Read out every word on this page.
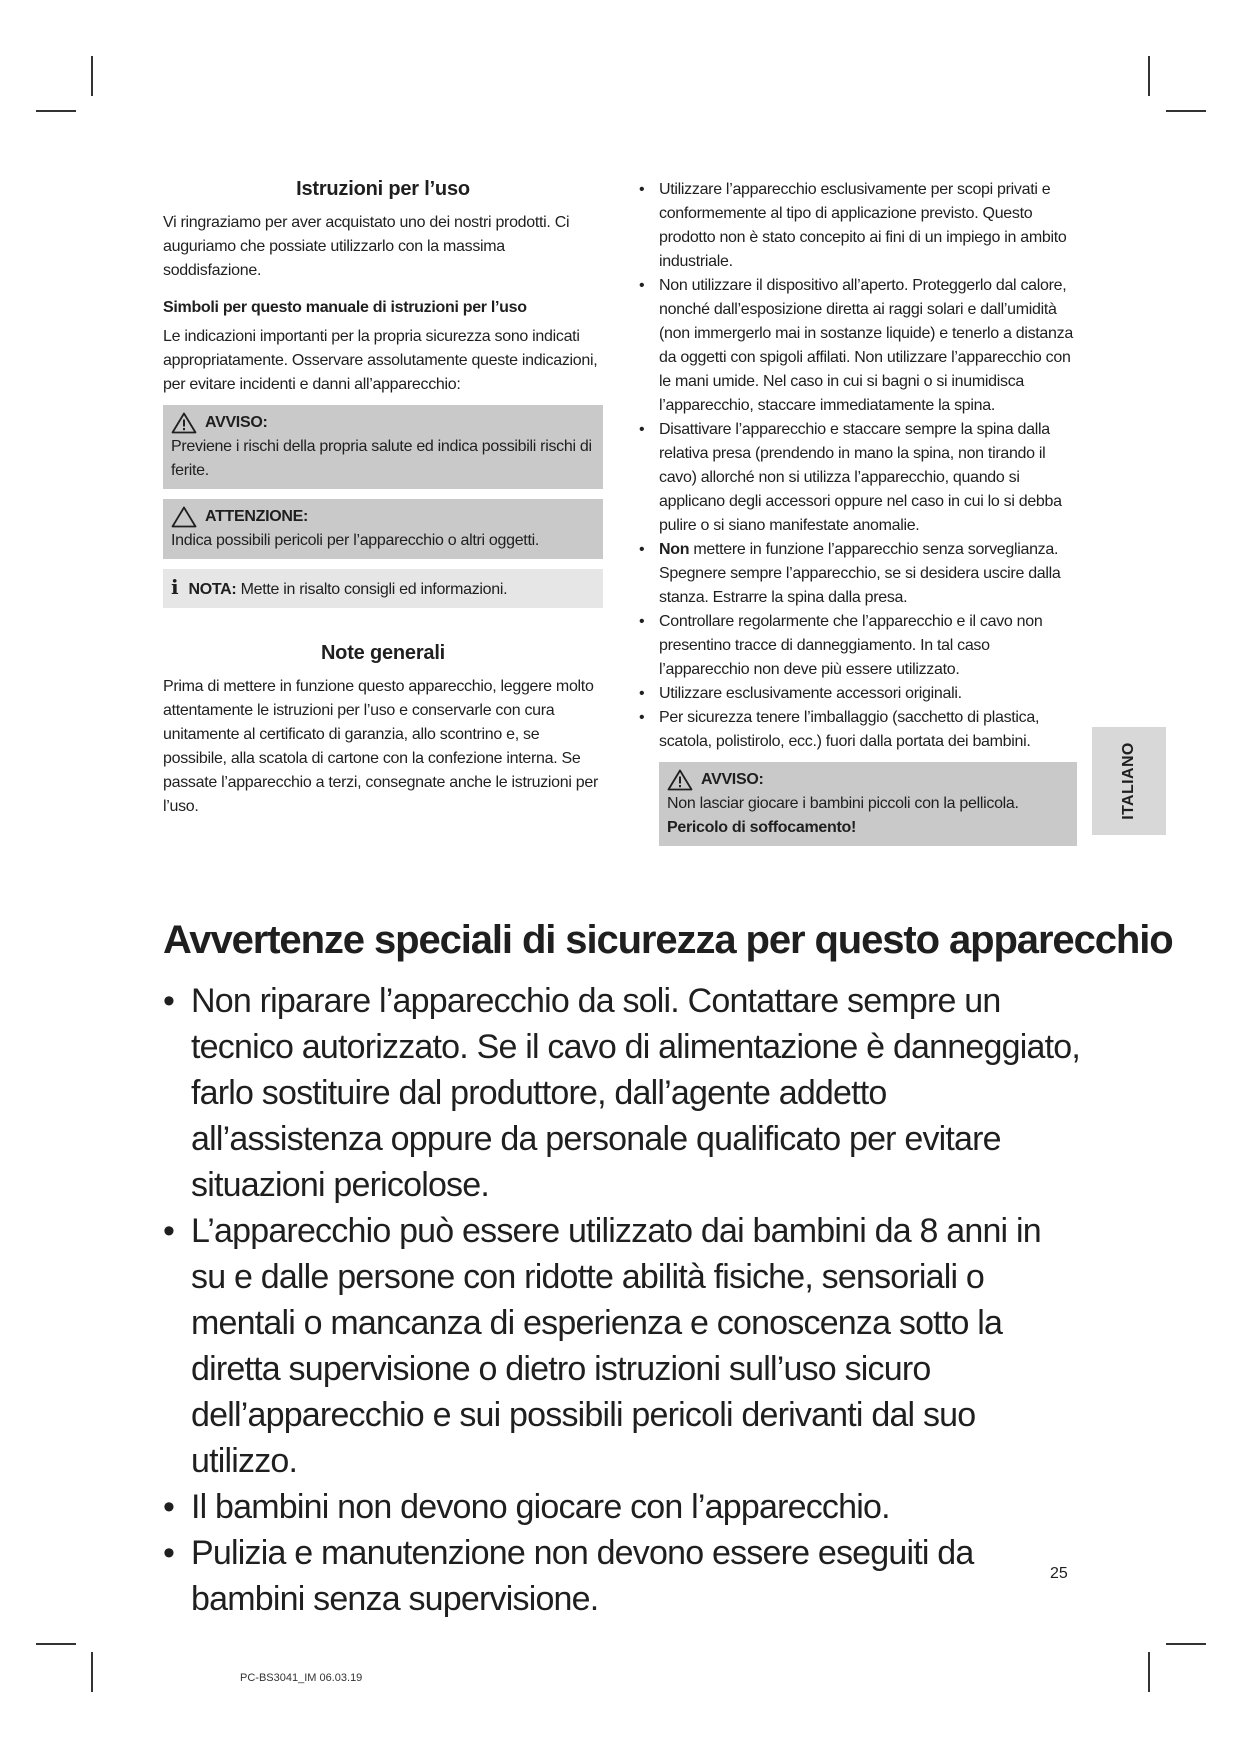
Istruzioni per l’uso

Vi ringraziamo per aver acquistato uno dei nostri prodotti. Ci auguriamo che possiate utilizzarlo con la massima soddisfazione.

Simboli per questo manuale di istruzioni per l’uso

Le indicazioni importanti per la propria sicurezza sono indicati appropriatamente. Osservare assolutamente queste indicazioni, per evitare incidenti e danni all’apparecchio:

AVVISO:
Previene i rischi della propria salute ed indica possibili rischi di ferite.
ATTENZIONE:
Indica possibili pericoli per l’apparecchio o altri oggetti.
i NOTA: Mette in risalto consigli ed informazioni.
Note generali

Prima di mettere in funzione questo apparecchio, leggere molto attentamente le istruzioni per l’uso e conservarle con cura unitamente al certificato di garanzia, allo scontrino e, se possibile, alla scatola di cartone con la confezione interna. Se passate l’apparecchio a terzi, consegnate anche le istruzioni per l’uso.

• Utilizzare l’apparecchio esclusivamente per scopi privati e conformemente al tipo di applicazione previsto. Questo prodotto non è stato concepito ai fini di un impiego in ambito industriale.
• Non utilizzare il dispositivo all’aperto. Proteggerlo dal calore, nonché dall’esposizione diretta ai raggi solari e dall’umidità (non immergerlo mai in sostanze liquide) e tenerlo a distanza da oggetti con spigoli affilati. Non utilizzare l’apparecchio con le mani umide. Nel caso in cui si bagni o si inumidisca l’apparecchio, staccare immediatamente la spina.
• Disattivare l’apparecchio e staccare sempre la spina dalla relativa presa (prendendo in mano la spina, non tirando il cavo) allorché non si utilizza l’apparecchio, quando si applicano degli accessori oppure nel caso in cui lo si debba pulire o si siano manifestate anomalie.
• Non mettere in funzione l’apparecchio senza sorveglianza. Spegnere sempre l’apparecchio, se si desidera uscire dalla stanza. Estrarre la spina dalla presa.
• Controllare regolarmente che l’apparecchio e il cavo non presentino tracce di danneggiamento. In tal caso l’apparecchio non deve più essere utilizzato.
• Utilizzare esclusivamente accessori originali.
• Per sicurezza tenere l’imballaggio (sacchetto di plastica, scatola, polistirolo, ecc.) fuori dalla portata dei bambini.
AVVISO:
Non lasciar giocare i bambini piccoli con la pellicola.
Pericolo di soffocamento!
ITALIANO
Avvertenze speciali di sicurezza per questo apparecchio
• Non riparare l’apparecchio da soli. Contattare sempre un tecnico autorizzato. Se il cavo di alimentazione è danneggiato, farlo sostituire dal produttore, dall’agente addetto all’assistenza oppure da personale qualificato per evitare situazioni pericolose.
• L’apparecchio può essere utilizzato dai bambini da 8 anni in su e dalle persone con ridotte abilità fisiche, sensoriali o mentali o mancanza di esperienza e conoscenza sotto la diretta supervisione o dietro istruzioni sull’uso sicuro dell’apparecchio e sui possibili pericoli derivanti dal suo utilizzo.
• Il bambini non devono giocare con l’apparecchio.
• Pulizia e manutenzione non devono essere eseguiti da bambini senza supervisione.
25
PC-BS3041_IM 06.03.19
